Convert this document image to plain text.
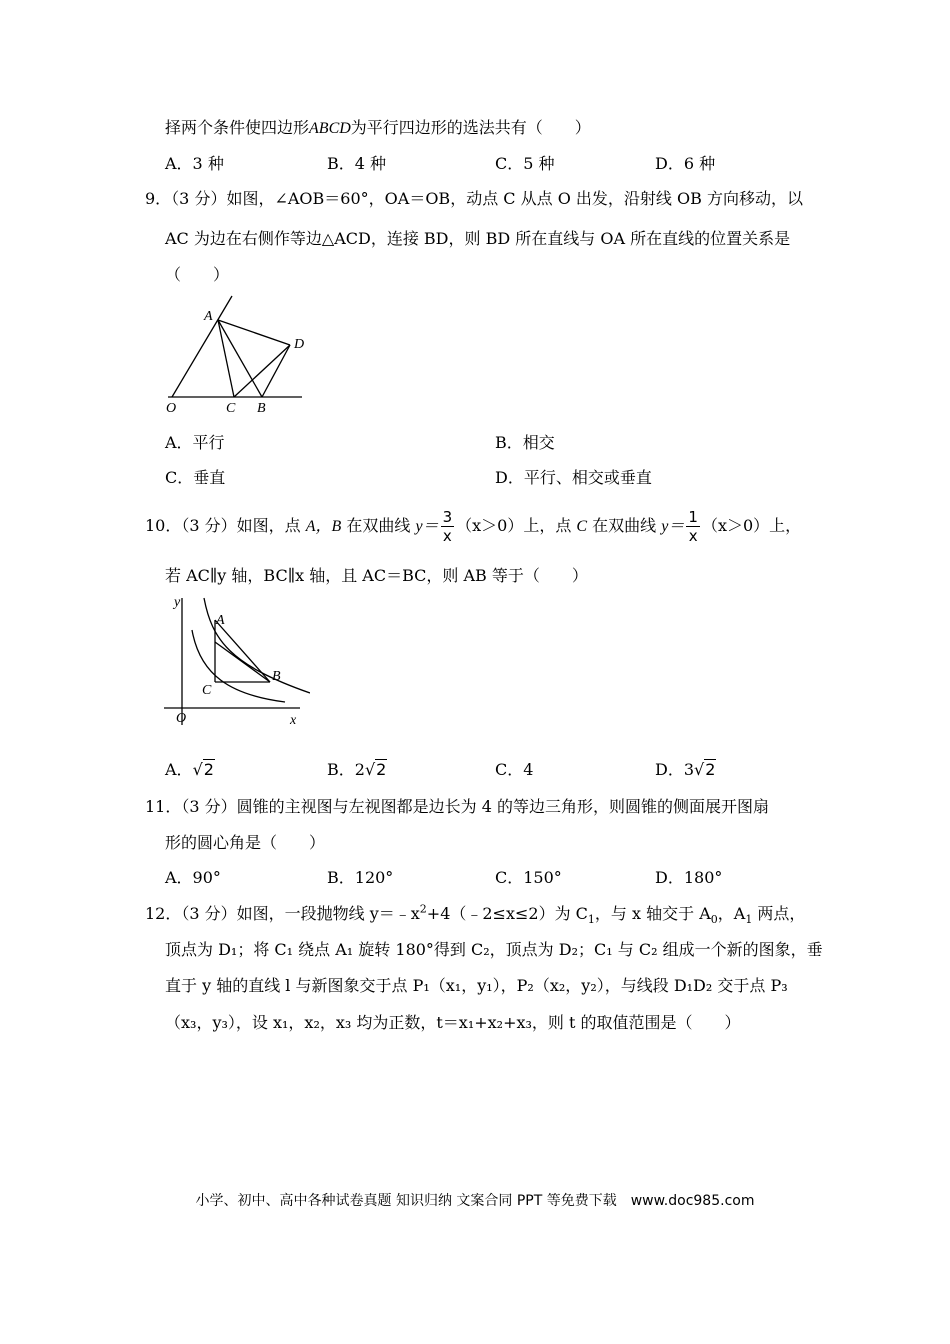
择两个条件使四边形ABCD为平行四边形的选法共有（　　）
A．3 种	B．4 种	C．5 种	D．6 种
9．（3 分）如图，∠AOB＝60°，OA＝OB，动点 C 从点 O 出发，沿射线 OB 方向移动，以
AC 为边在右侧作等边△ACD，连接 BD，则 BD 所在直线与 OA 所在直线的位置关系是
（　　）
A
D
O	C B
A．平行	B．相交
C．垂直	D．平行、相交或垂直
10．（3 分）如图，点 A，B 在双曲线 $y= \frac{3}{x} (x>0)$上，点 C 在双曲线 $y= \frac{1}{x} (x>0)$上，
若 AC∥y 轴，BC∥x 轴，且 AC＝BC，则 AB 等于（　　）
y
A
B
C
O	x
A．√2	B．2√2	C．4	D．3√2
11．（3 分）圆锥的主视图与左视图都是边长为 4 的等边三角形，则圆锥的侧面展开图扇
形的圆心角是（　　）
A．90°	B．120°	C．150°	D．180°
12．（3 分）如图，一段抛物线 $y=﹣x^2+4(﹣2\le x\le 2)$为 $C_1$，与 x 轴交于 $A_0$，$A_1$ 两点，
顶点为 D₁；将 C₁ 绕点 A₁ 旋转 180°得到 C₂，顶点为 D₂；C₁ 与 C₂ 组成一个新的图象，垂
直于 y 轴的直线 l 与新图象交于点 P₁（x₁，y₁），P₂（x₂，y₂），与线段 D₁D₂ 交于点 P₃
（x₃，y₃），设 x₁，x₂，x₃ 均为正数，t＝x₁+x₂+x₃，则 t 的取值范围是（　　）
小学、初中、高中各种试卷真题 知识归纳 文案合同 PPT 等免费下载　www.doc985.com
